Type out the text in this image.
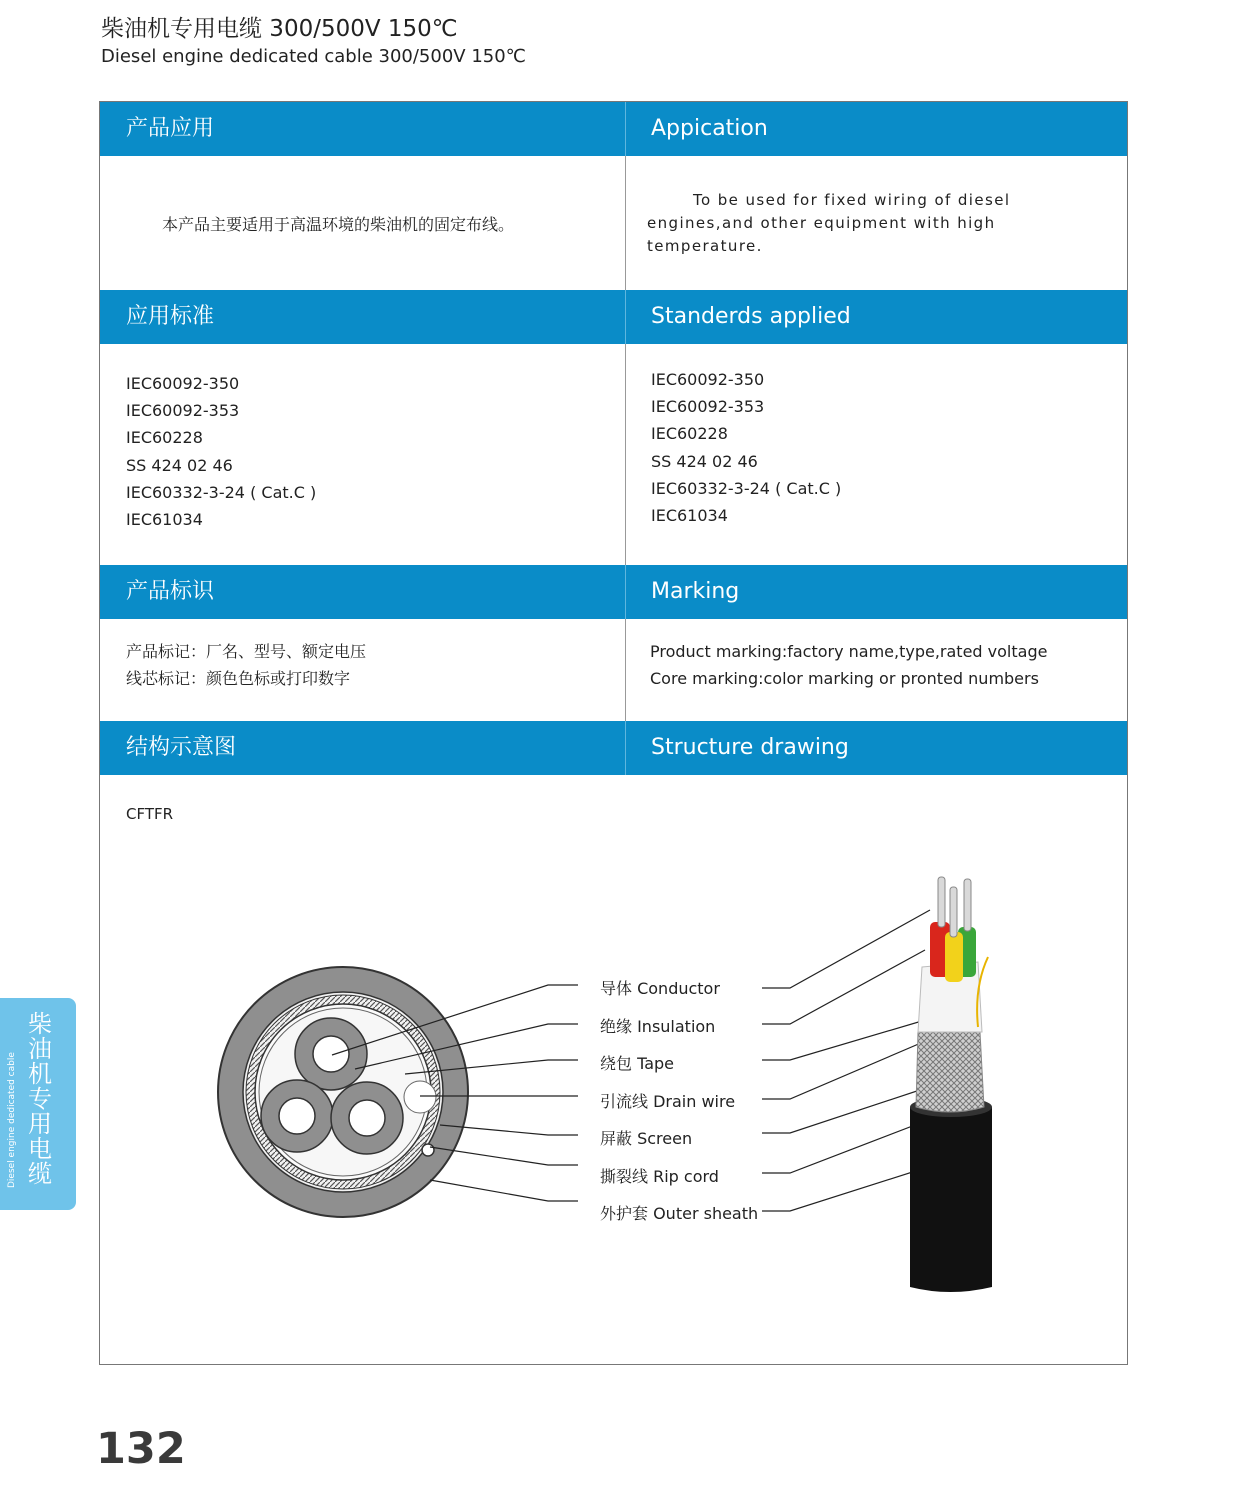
柴油机专用电缆 300/500V 150℃
Diesel engine dedicated cable 300/500V 150℃
产品应用	Appication
本产品主要适用于高温环境的柴油机的固定布线。
To be used for fixed wiring of diesel engines,and other equipment with high temperature.
应用标准	Standerds applied
IEC60092-350
IEC60092-353
IEC60228
SS 424 02 46
IEC60332-3-24 ( Cat.C )
IEC61034
IEC60092-350
IEC60092-353
IEC60228
SS 424 02 46
IEC60332-3-24 ( Cat.C )
IEC61034
产品标识	Marking
产品标记：厂名、型号、额定电压
线芯标记：颜色色标或打印数字
Product marking:factory name,type,rated voltage
Core marking:color marking or pronted numbers
结构示意图	Structure drawing
CFTFR
导体 Conductor
绝缘 Insulation
绕包 Tape
引流线 Drain wire
屏蔽 Screen
撕裂线 Rip cord
外护套 Outer sheath
柴油机专用电缆
Diesel engine dedicated cable
132
